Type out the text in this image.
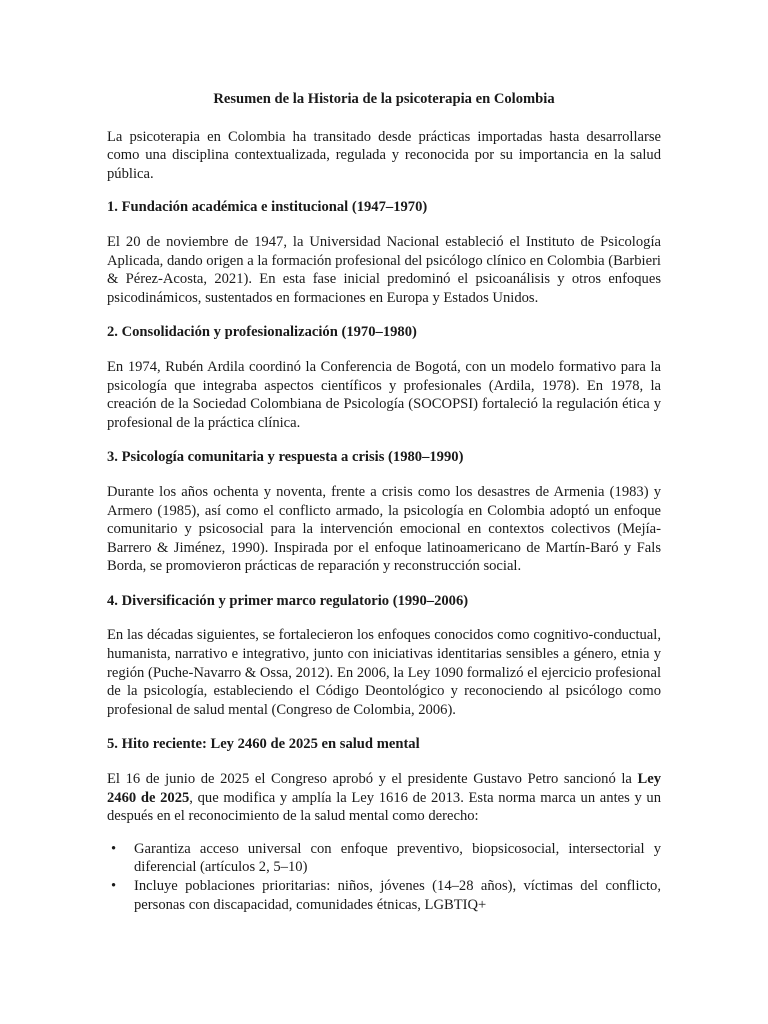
Resumen de la Historia de la psicoterapia en Colombia

La psicoterapia en Colombia ha transitado desde prácticas importadas hasta desarrollarse como una disciplina contextualizada, regulada y reconocida por su importancia en la salud pública.

1. Fundación académica e institucional (1947–1970)

El 20 de noviembre de 1947, la Universidad Nacional estableció el Instituto de Psicología Aplicada, dando origen a la formación profesional del psicólogo clínico en Colombia (Barbieri & Pérez-Acosta, 2021). En esta fase inicial predominó el psicoanálisis y otros enfoques psicodinámicos, sustentados en formaciones en Europa y Estados Unidos.

2. Consolidación y profesionalización (1970–1980)

En 1974, Rubén Ardila coordinó la Conferencia de Bogotá, con un modelo formativo para la psicología que integraba aspectos científicos y profesionales (Ardila, 1978). En 1978, la creación de la Sociedad Colombiana de Psicología (SOCOPSI) fortaleció la regulación ética y profesional de la práctica clínica.

3. Psicología comunitaria y respuesta a crisis (1980–1990)

Durante los años ochenta y noventa, frente a crisis como los desastres de Armenia (1983) y Armero (1985), así como el conflicto armado, la psicología en Colombia adoptó un enfoque comunitario y psicosocial para la intervención emocional en contextos colectivos (Mejía-Barrero & Jiménez, 1990). Inspirada por el enfoque latinoamericano de Martín-Baró y Fals Borda, se promovieron prácticas de reparación y reconstrucción social.

4. Diversificación y primer marco regulatorio (1990–2006)

En las décadas siguientes, se fortalecieron los enfoques conocidos como cognitivo-conductual, humanista, narrativo e integrativo, junto con iniciativas identitarias sensibles a género, etnia y región (Puche-Navarro & Ossa, 2012). En 2006, la Ley 1090 formalizó el ejercicio profesional de la psicología, estableciendo el Código Deontológico y reconociendo al psicólogo como profesional de salud mental (Congreso de Colombia, 2006).

5. Hito reciente: Ley 2460 de 2025 en salud mental

El 16 de junio de 2025 el Congreso aprobó y el presidente Gustavo Petro sancionó la Ley 2460 de 2025, que modifica y amplía la Ley 1616 de 2013. Esta norma marca un antes y un después en el reconocimiento de la salud mental como derecho:

• Garantiza acceso universal con enfoque preventivo, biopsicosocial, intersectorial y diferencial (artículos 2, 5–10)
• Incluye poblaciones prioritarias: niños, jóvenes (14–28 años), víctimas del conflicto, personas con discapacidad, comunidades étnicas, LGBTIQ+
